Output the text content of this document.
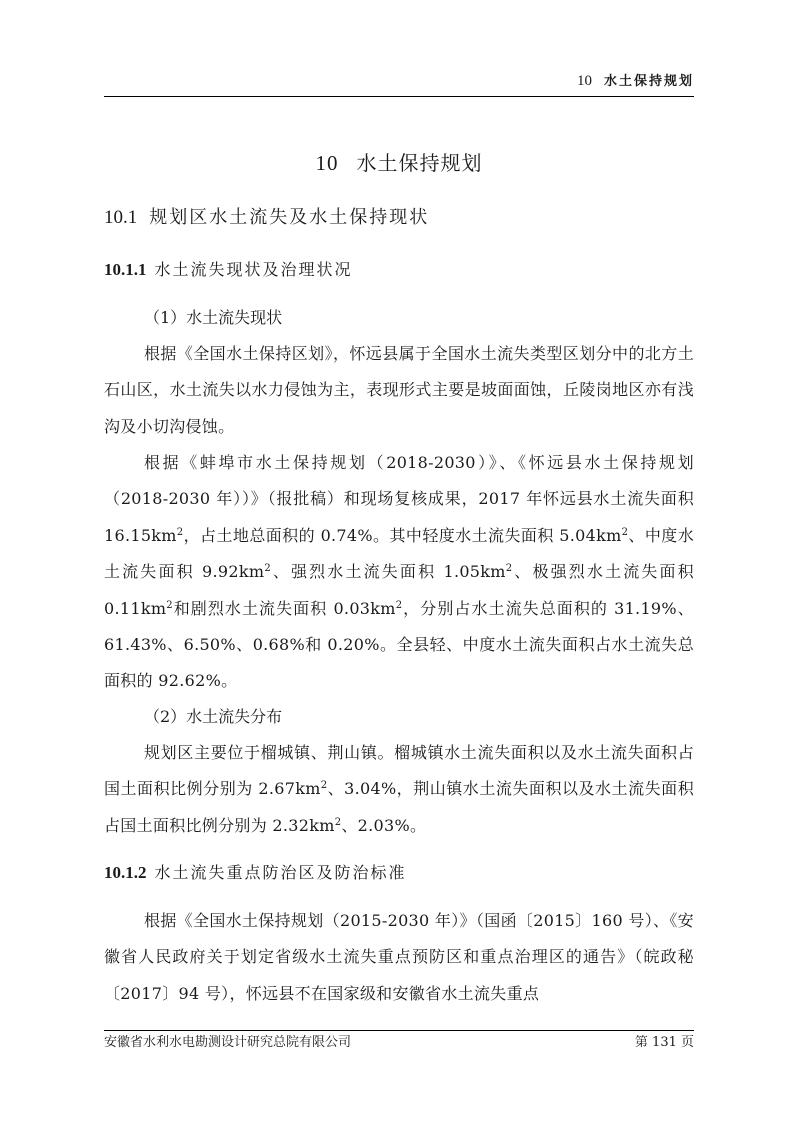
10 水土保持规划
10 水土保持规划
10.1 规划区水土流失及水土保持现状
10.1.1 水土流失现状及治理状况

（1）水土流失现状

根据《全国水土保持区划》，怀远县属于全国水土流失类型区划分中的北方土石山区，水土流失以水力侵蚀为主，表现形式主要是坡面面蚀，丘陵岗地区亦有浅沟及小切沟侵蚀。

根据《蚌埠市水土保持规划（2018-2030）》、《怀远县水土保持规划（2018-2030 年））》（报批稿）和现场复核成果，2017 年怀远县水土流失面积 $16.15km^2$，占土地总面积的 0.74%。其中轻度水土流失面积 $5.04km^2$、中度水土流失面积 $9.92km^2$、强烈水土流失面积 $1.05km^2$、极强烈水土流失面积 $0.11km^2$和剧烈水土流失面积 $0.03km^2$，分别占水土流失总面积的 31.19%、61.43%、6.50%、0.68%和 0.20%。全县轻、中度水土流失面积占水土流失总面积的 92.62%。

（2）水土流失分布

规划区主要位于榴城镇、荆山镇。榴城镇水土流失面积以及水土流失面积占国土面积比例分别为 $2.67km^2$、3.04%，荆山镇水土流失面积以及水土流失面积占国土面积比例分别为 $2.32km^2$、2.03%。

10.1.2 水土流失重点防治区及防治标准

根据《全国水土保持规划（2015-2030 年）》（国函〔2015〕160 号）、《安徽省人民政府关于划定省级水土流失重点预防区和重点治理区的通告》（皖政秘〔2017〕94 号），怀远县不在国家级和安徽省水土流失重点

安徽省水利水电勘测设计研究总院有限公司	第 131 页
